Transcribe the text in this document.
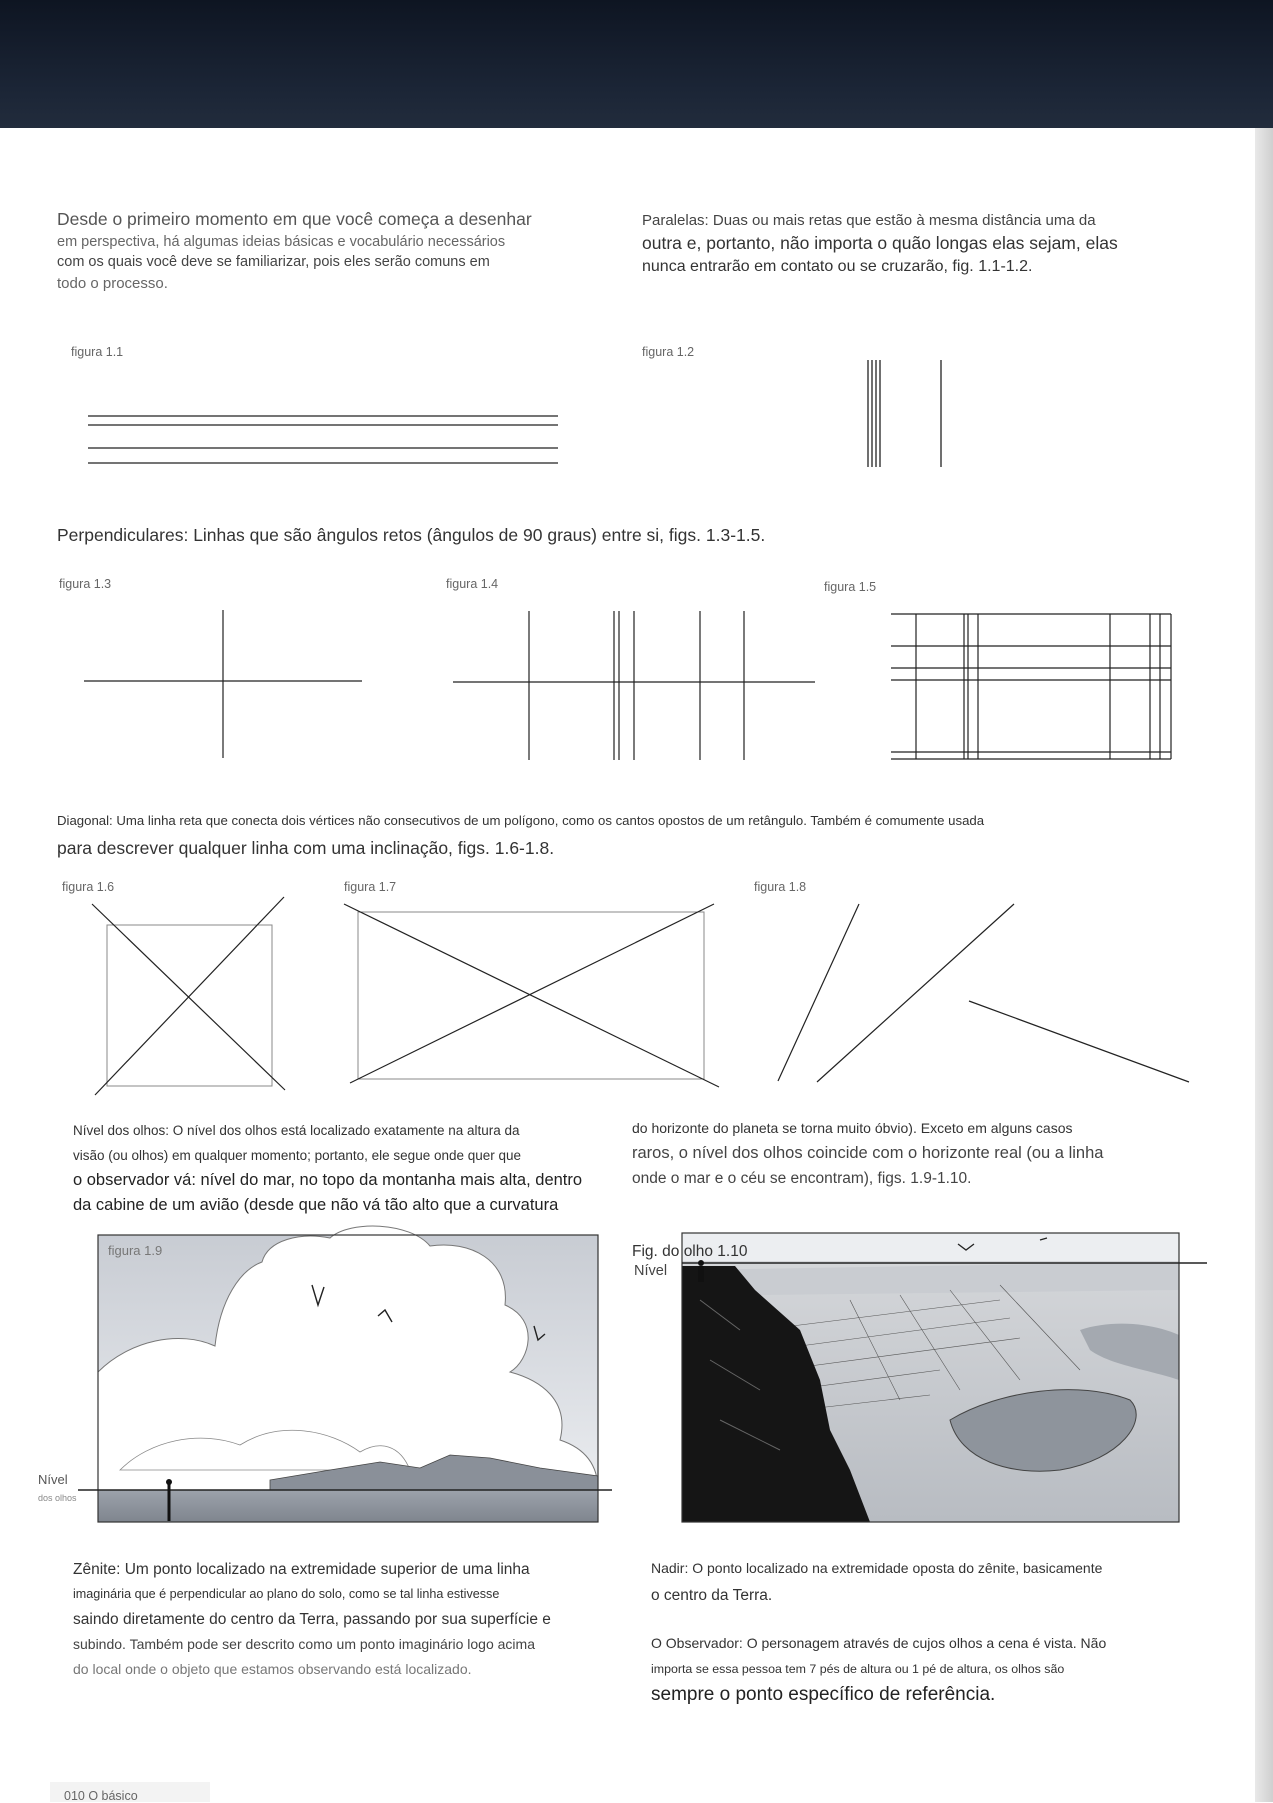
Desde o primeiro momento em que você começa a desenhar
em perspectiva, há algumas ideias básicas e vocabulário necessários
com os quais você deve se familiarizar, pois eles serão comuns em
todo o processo.
Paralelas: Duas ou mais retas que estão à mesma distância uma da
outra e, portanto, não importa o quão longas elas sejam, elas
nunca entrarão em contato ou se cruzarão, fig. 1.1-1.2.
figura 1.1	figura 1.2
Perpendiculares: Linhas que são ângulos retos (ângulos de 90 graus) entre si, figs. 1.3-1.5.
figura 1.3	figura 1.4	figura 1.5
Diagonal: Uma linha reta que conecta dois vértices não consecutivos de um polígono, como os cantos opostos de um retângulo. Também é comumente usada
para descrever qualquer linha com uma inclinação, figs. 1.6-1.8.
figura 1.6	figura 1.7	figura 1.8
Nível dos olhos: O nível dos olhos está localizado exatamente na altura da
visão (ou olhos) em qualquer momento; portanto, ele segue onde quer que
o observador vá: nível do mar, no topo da montanha mais alta, dentro
da cabine de um avião (desde que não vá tão alto que a curvatura
do horizonte do planeta se torna muito óbvio). Exceto em alguns casos
raros, o nível dos olhos coincide com o horizonte real (ou a linha
onde o mar e o céu se encontram), figs. 1.9-1.10.
figura 1.9
Nível
dos olhos
Fig. do olho 1.10
Nível
Zênite: Um ponto localizado na extremidade superior de uma linha
imaginária que é perpendicular ao plano do solo, como se tal linha estivesse
saindo diretamente do centro da Terra, passando por sua superfície e
subindo. Também pode ser descrito como um ponto imaginário logo acima
do local onde o objeto que estamos observando está localizado.
Nadir: O ponto localizado na extremidade oposta do zênite, basicamente
o centro da Terra.
O Observador: O personagem através de cujos olhos a cena é vista. Não
importa se essa pessoa tem 7 pés de altura ou 1 pé de altura, os olhos são
sempre o ponto específico de referência.
010 O básico
